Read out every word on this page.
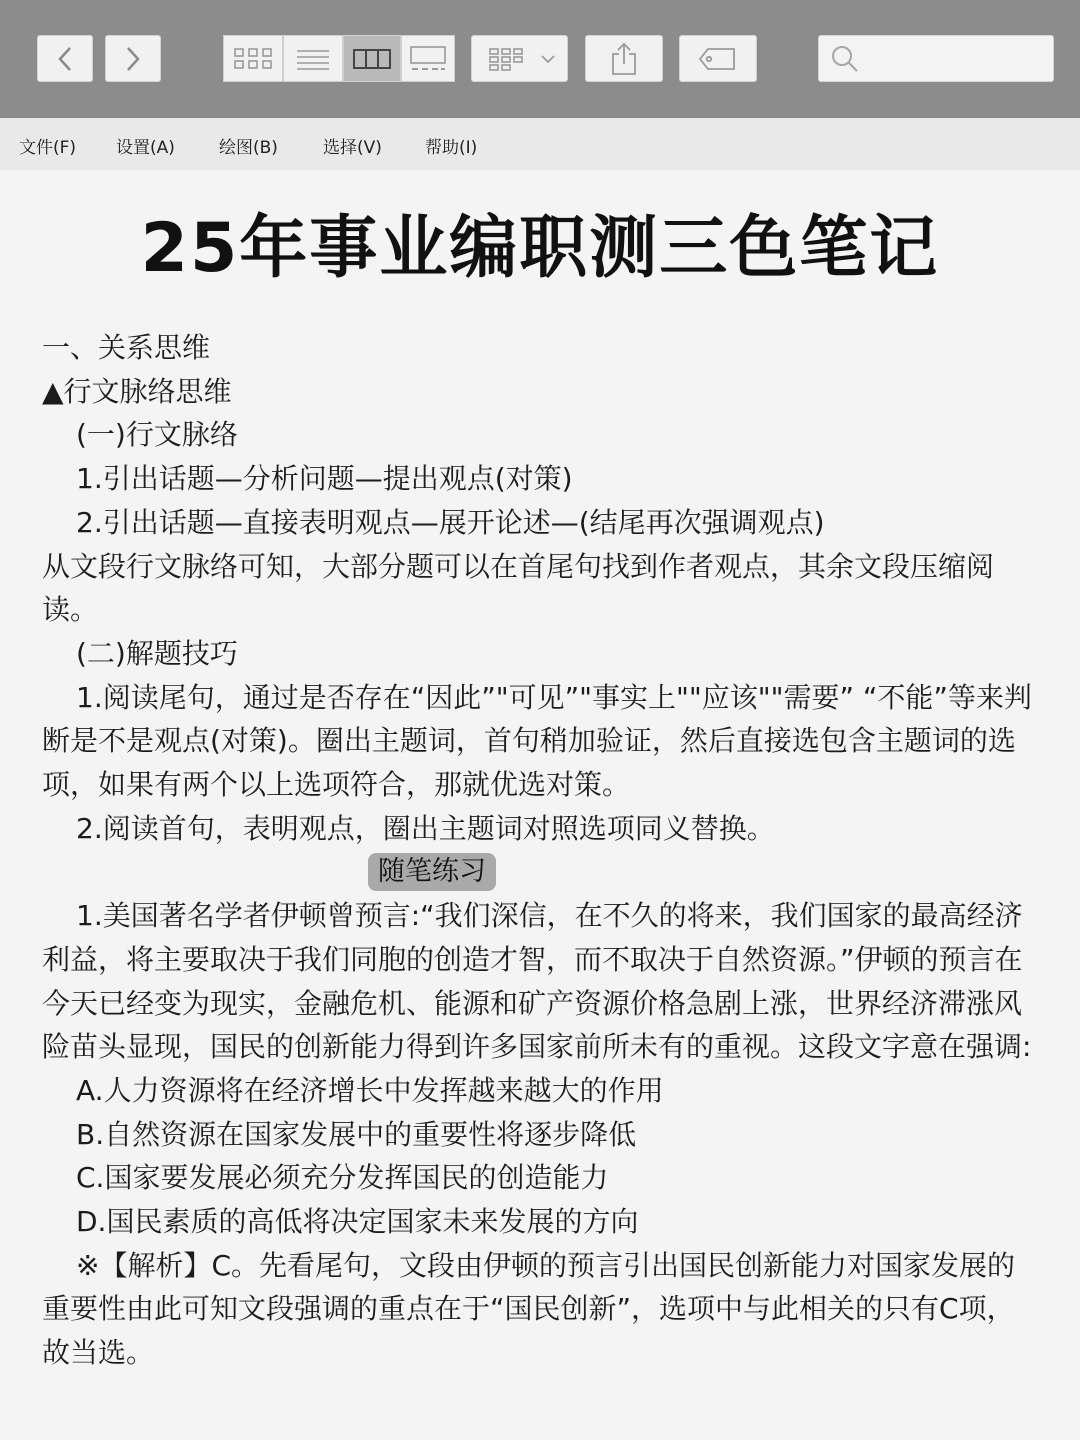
文件(F) 设置(A)	绘图(B)	选择(V)	帮助(I)
25年事业编职测三色笔记

一、关系思维

▲行文脉络思维

(一)行文脉络

1.引出话题—分析问题—提出观点(对策)

2.引出话题—直接表明观点—展开论述—(结尾再次强调观点)

从文段行文脉络可知，大部分题可以在首尾句找到作者观点，其余文段压缩阅读。

(二)解题技巧

1.阅读尾句，通过是否存在“因此”"可见”"事实上""应该""需要” “不能”等来判断是不是观点(对策)。圈出主题词，首句稍加验证，然后直接选包含主题词的选项，如果有两个以上选项符合，那就优选对策。

2.阅读首句，表明观点，圈出主题词对照选项同义替换。

随笔练习

1.美国著名学者伊顿曾预言:“我们深信，在不久的将来，我们国家的最高经济利益，将主要取决于我们同胞的创造才智，而不取决于自然资源。”伊顿的预言在今天已经变为现实，金融危机、能源和矿产资源价格急剧上涨，世界经济滞涨风险苗头显现，国民的创新能力得到许多国家前所未有的重视。这段文字意在强调:

A.人力资源将在经济增长中发挥越来越大的作用

B.自然资源在国家发展中的重要性将逐步降低

C.国家要发展必须充分发挥国民的创造能力

D.国民素质的高低将决定国家未来发展的方向

※【解析】C。先看尾句，文段由伊顿的预言引出国民创新能力对国家发展的重要性由此可知文段强调的重点在于“国民创新”，选项中与此相关的只有C项，故当选。
